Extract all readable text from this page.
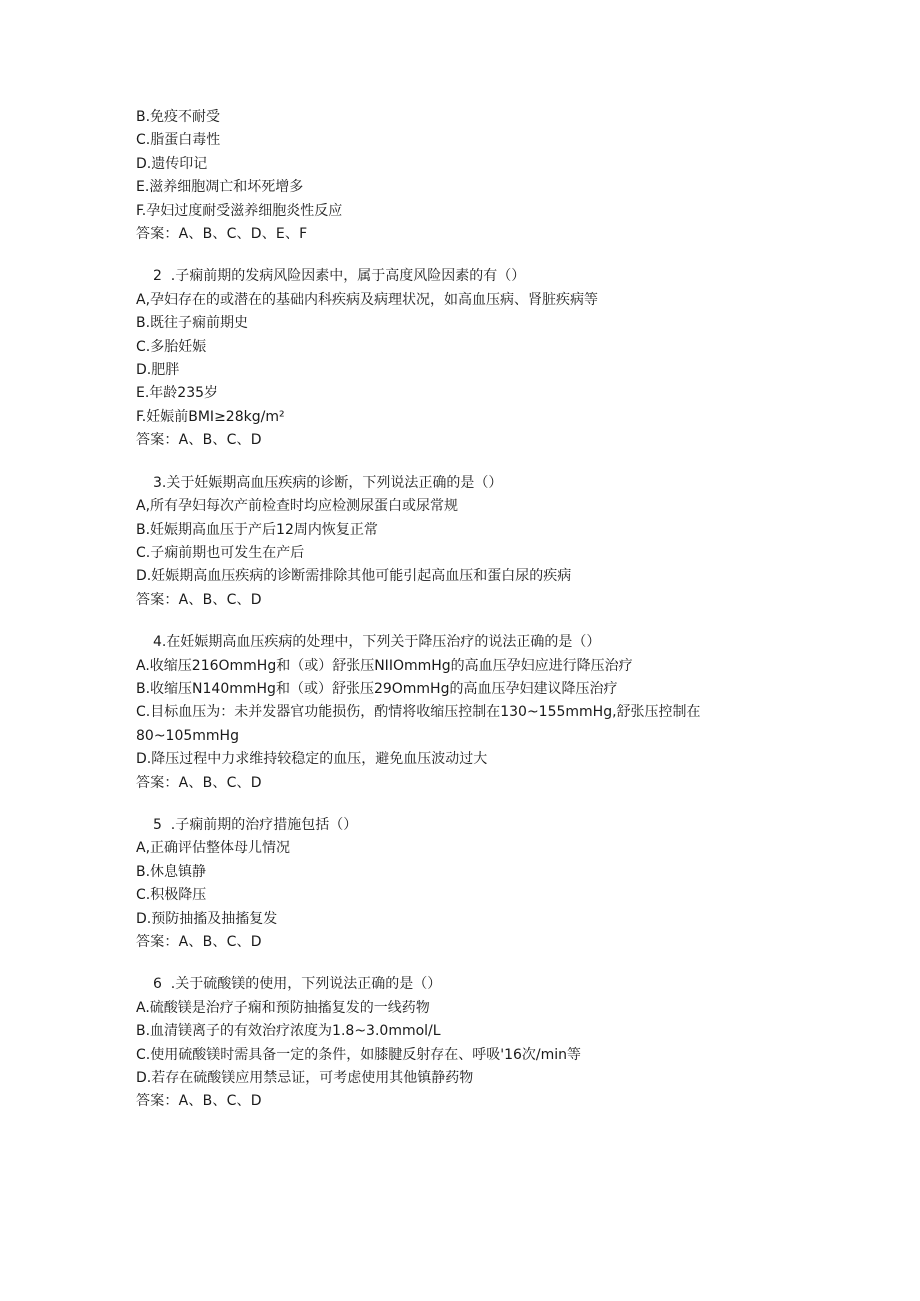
B.免疫不耐受
C.脂蛋白毒性
D.遗传印记
E.滋养细胞凋亡和坏死增多
F.孕妇过度耐受滋养细胞炎性反应
答案：A、B、C、D、E、F
2  .子痫前期的发病风险因素中，属于高度风险因素的有（）
A,孕妇存在的或潜在的基础内科疾病及病理状况，如高血压病、肾脏疾病等
B.既往子痫前期史
C.多胎妊娠
D.肥胖
E.年龄235岁
F.妊娠前BMI≥28kg/m²
答案：A、B、C、D
3.关于妊娠期高血压疾病的诊断，下列说法正确的是（）
A,所有孕妇每次产前检查时均应检测尿蛋白或尿常规
B.妊娠期高血压于产后12周内恢复正常
C.子痫前期也可发生在产后
D.妊娠期高血压疾病的诊断需排除其他可能引起高血压和蛋白尿的疾病
答案：A、B、C、D
4.在妊娠期高血压疾病的处理中，下列关于降压治疗的说法正确的是（）
A.收缩压216OmmHg和（或）舒张压NIIOmmHg的高血压孕妇应进行降压治疗
B.收缩压N140mmHg和（或）舒张压29OmmHg的高血压孕妇建议降压治疗
C.目标血压为：未并发器官功能损伤，酌情将收缩压控制在130~155mmHg,舒张压控制在80~105mmHg
D.降压过程中力求维持较稳定的血压，避免血压波动过大
答案：A、B、C、D
5  .子痫前期的治疗措施包括（）
A,正确评估整体母儿情况
B.休息镇静
C.积极降压
D.预防抽搐及抽搐复发
答案：A、B、C、D
6  .关于硫酸镁的使用，下列说法正确的是（）
A.硫酸镁是治疗子痫和预防抽搐复发的一线药物
B.血清镁离子的有效治疗浓度为1.8~3.0mmol/L
C.使用硫酸镁时需具备一定的条件，如膝腱反射存在、呼吸'16次/min等
D.若存在硫酸镁应用禁忌证，可考虑使用其他镇静药物
答案：A、B、C、D
